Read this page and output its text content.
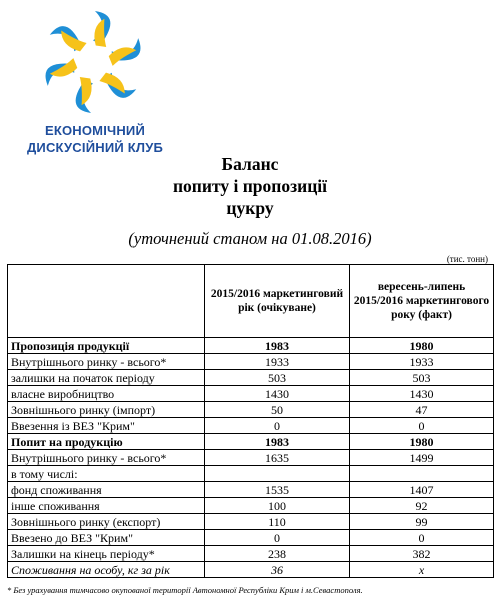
ЕКОНОМІЧНИЙ
ДИСКУСІЙНИЙ КЛУБ
Баланс
попиту і пропозиції
цукру
(уточнений станом на 01.08.2016)
(тис. тонн)
	2015/2016 маркетинговий рік (очікуване)	вересень-липень 2015/2016 маркетингового року (факт)
Пропозиція продукції	1983	1980
Внутрішнього ринку - всього*	1933	1933
залишки на початок періоду	503	503
власне виробництво	1430	1430
Зовнішнього ринку (імпорт)	50	47
Ввезення із ВЕЗ "Крим"	0	0
Попит на продукцію	1983	1980
Внутрішнього ринку - всього*	1635	1499
в тому числі:		
фонд споживання	1535	1407
інше споживання	100	92
Зовнішнього ринку (експорт)	110	99
Ввезено до ВЕЗ "Крим"	0	0
Залишки на кінець періоду*	238	382
Споживання на особу, кг за рік	36	х
* Без урахування тимчасово окупованої території Автономної Республіки Крим і м.Севастополя.
